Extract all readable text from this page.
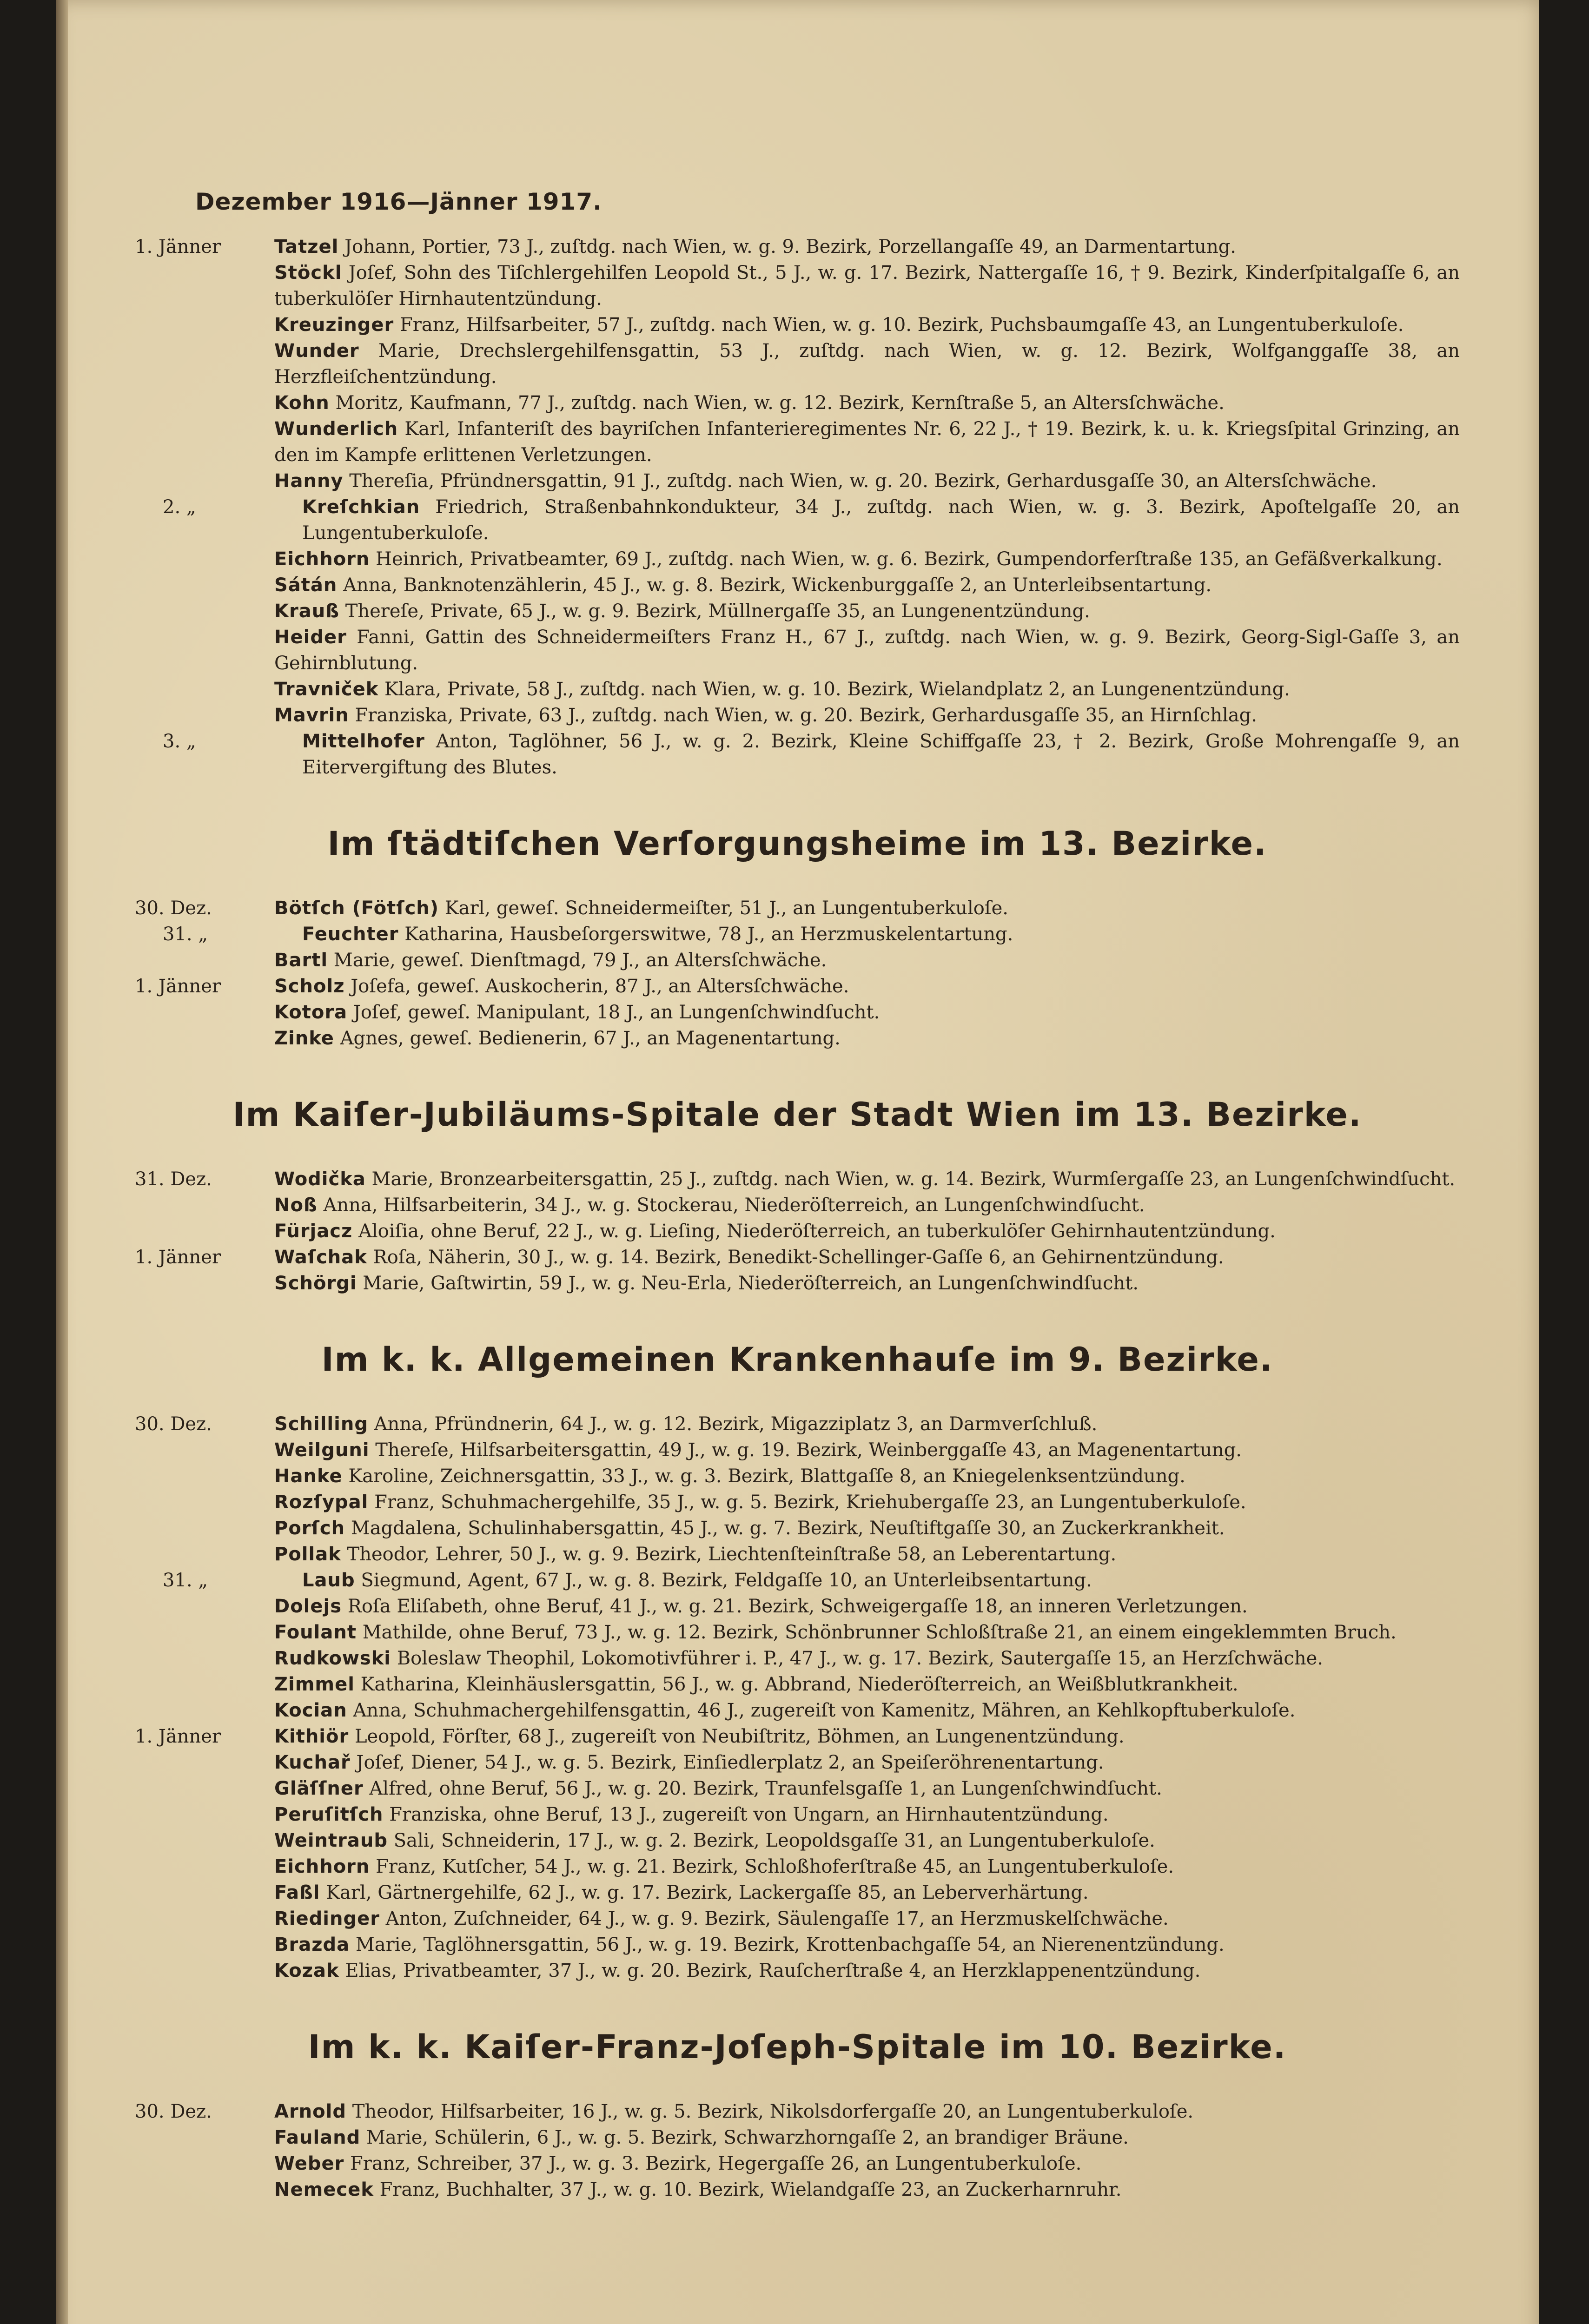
Dezember 1916—Jänner 1917.
1. Jänner	Tatzel Johann, Portier, 73 J., zuſtdg. nach Wien, w. g. 9. Bezirk, Porzellangaſſe 49, an Darmentartung.
Stöckl Joſef, Sohn des Tiſchlergehilfen Leopold St., 5 J., w. g. 17. Bezirk, Nattergaſſe 16, † 9. Bezirk, Kinderſpitalgaſſe 6, an tuberkulöſer Hirnhautentzündung.
Kreuzinger Franz, Hilfsarbeiter, 57 J., zuſtdg. nach Wien, w. g. 10. Bezirk, Puchsbaumgaſſe 43, an Lungentuberkuloſe.
Wunder Marie, Drechslergehilfensgattin, 53 J., zuſtdg. nach Wien, w. g. 12. Bezirk, Wolfganggaſſe 38, an Herzfleiſchentzündung.
Kohn Moritz, Kaufmann, 77 J., zuſtdg. nach Wien, w. g. 12. Bezirk, Kernſtraße 5, an Altersſchwäche.
Wunderlich Karl, Infanteriſt des bayriſchen Infanterieregimentes Nr. 6, 22 J., † 19. Bezirk, k. u. k. Kriegsſpital Grinzing, an den im Kampfe erlittenen Verletzungen.
Hanny Thereſia, Pfründnersgattin, 91 J., zuſtdg. nach Wien, w. g. 20. Bezirk, Gerhardusgaſſe 30, an Altersſchwäche.
2. „	Kreſchkian Friedrich, Straßenbahnkondukteur, 34 J., zuſtdg. nach Wien, w. g. 3. Bezirk, Apoſtelgaſſe 20, an Lungentuberkuloſe.
Eichhorn Heinrich, Privatbeamter, 69 J., zuſtdg. nach Wien, w. g. 6. Bezirk, Gumpendorferſtraße 135, an Gefäßverkalkung.
Sátán Anna, Banknotenzählerin, 45 J., w. g. 8. Bezirk, Wickenburggaſſe 2, an Unterleibsentartung.
Krauß Thereſe, Private, 65 J., w. g. 9. Bezirk, Müllnergaſſe 35, an Lungenentzündung.
Heider Fanni, Gattin des Schneidermeiſters Franz H., 67 J., zuſtdg. nach Wien, w. g. 9. Bezirk, Georg-Sigl-Gaſſe 3, an Gehirnblutung.
Travniček Klara, Private, 58 J., zuſtdg. nach Wien, w. g. 10. Bezirk, Wielandplatz 2, an Lungenentzündung.
Mavrin Franziska, Private, 63 J., zuſtdg. nach Wien, w. g. 20. Bezirk, Gerhardusgaſſe 35, an Hirnſchlag.
3. „	Mittelhofer Anton, Taglöhner, 56 J., w. g. 2. Bezirk, Kleine Schiffgaſſe 23, † 2. Bezirk, Große Mohrengaſſe 9, an Eitervergiftung des Blutes.
Im ſtädtiſchen Verſorgungsheime im 13. Bezirke.
30. Dez.	Bötſch (Fötſch) Karl, geweſ. Schneidermeiſter, 51 J., an Lungentuberkuloſe.
31. „	Feuchter Katharina, Hausbeſorgerswitwe, 78 J., an Herzmuskelentartung.
Bartl Marie, geweſ. Dienſtmagd, 79 J., an Altersſchwäche.
1. Jänner	Scholz Joſefa, geweſ. Auskocherin, 87 J., an Altersſchwäche.
Kotora Joſef, geweſ. Manipulant, 18 J., an Lungenſchwindſucht.
Zinke Agnes, geweſ. Bedienerin, 67 J., an Magenentartung.
Im Kaiſer-Jubiläums-Spitale der Stadt Wien im 13. Bezirke.
31. Dez.	Wodička Marie, Bronzearbeitersgattin, 25 J., zuſtdg. nach Wien, w. g. 14. Bezirk, Wurmſergaſſe 23, an Lungenſchwindſucht.
Noß Anna, Hilfsarbeiterin, 34 J., w. g. Stockerau, Niederöſterreich, an Lungenſchwindſucht.
Fürjacz Aloiſia, ohne Beruf, 22 J., w. g. Lieſing, Niederöſterreich, an tuberkulöſer Gehirnhautentzündung.
1. Jänner	Waſchak Roſa, Näherin, 30 J., w. g. 14. Bezirk, Benedikt-Schellinger-Gaſſe 6, an Gehirnentzündung.
Schörgi Marie, Gaſtwirtin, 59 J., w. g. Neu-Erla, Niederöſterreich, an Lungenſchwindſucht.
Im k. k. Allgemeinen Krankenhauſe im 9. Bezirke.
30. Dez.	Schilling Anna, Pfründnerin, 64 J., w. g. 12. Bezirk, Migazziplatz 3, an Darmverſchluß.
Weilguni Thereſe, Hilfsarbeitersgattin, 49 J., w. g. 19. Bezirk, Weinberggaſſe 43, an Magenentartung.
Hanke Karoline, Zeichnersgattin, 33 J., w. g. 3. Bezirk, Blattgaſſe 8, an Kniegelenksentzündung.
Rozſypal Franz, Schuhmachergehilfe, 35 J., w. g. 5. Bezirk, Kriehubergaſſe 23, an Lungentuberkuloſe.
Porſch Magdalena, Schulinhabersgattin, 45 J., w. g. 7. Bezirk, Neuſtiftgaſſe 30, an Zuckerkrankheit.
Pollak Theodor, Lehrer, 50 J., w. g. 9. Bezirk, Liechtenſteinſtraße 58, an Leberentartung.
31. „	Laub Siegmund, Agent, 67 J., w. g. 8. Bezirk, Feldgaſſe 10, an Unterleibsentartung.
Dolejs Roſa Eliſabeth, ohne Beruf, 41 J., w. g. 21. Bezirk, Schweigergaſſe 18, an inneren Verletzungen.
Foulant Mathilde, ohne Beruf, 73 J., w. g. 12. Bezirk, Schönbrunner Schloßſtraße 21, an einem eingeklemmten Bruch.
Rudkowski Boleslaw Theophil, Lokomotivführer i. P., 47 J., w. g. 17. Bezirk, Sautergaſſe 15, an Herzſchwäche.
Zimmel Katharina, Kleinhäuslersgattin, 56 J., w. g. Abbrand, Niederöſterreich, an Weißblutkrankheit.
Kocian Anna, Schuhmachergehilfensgattin, 46 J., zugereiſt von Kamenitz, Mähren, an Kehlkopftuberkuloſe.
1. Jänner	Kithiör Leopold, Förſter, 68 J., zugereiſt von Neubiſtritz, Böhmen, an Lungenentzündung.
Kuchař Joſef, Diener, 54 J., w. g. 5. Bezirk, Einſiedlerplatz 2, an Speiſeröhrenentartung.
Gläſſner Alfred, ohne Beruf, 56 J., w. g. 20. Bezirk, Traunfelsgaſſe 1, an Lungenſchwindſucht.
Peruſitſch Franziska, ohne Beruf, 13 J., zugereiſt von Ungarn, an Hirnhautentzündung.
Weintraub Sali, Schneiderin, 17 J., w. g. 2. Bezirk, Leopoldsgaſſe 31, an Lungentuberkuloſe.
Eichhorn Franz, Kutſcher, 54 J., w. g. 21. Bezirk, Schloßhoferſtraße 45, an Lungentuberkuloſe.
Faßl Karl, Gärtnergehilfe, 62 J., w. g. 17. Bezirk, Lackergaſſe 85, an Leberverhärtung.
Riedinger Anton, Zuſchneider, 64 J., w. g. 9. Bezirk, Säulengaſſe 17, an Herzmuskelſchwäche.
Brazda Marie, Taglöhnersgattin, 56 J., w. g. 19. Bezirk, Krottenbachgaſſe 54, an Nierenentzündung.
Kozak Elias, Privatbeamter, 37 J., w. g. 20. Bezirk, Rauſcherſtraße 4, an Herzklappenentzündung.
Im k. k. Kaiſer-Franz-Joſeph-Spitale im 10. Bezirke.
30. Dez.	Arnold Theodor, Hilfsarbeiter, 16 J., w. g. 5. Bezirk, Nikolsdorfergaſſe 20, an Lungentuberkuloſe.
Fauland Marie, Schülerin, 6 J., w. g. 5. Bezirk, Schwarzhorngaſſe 2, an brandiger Bräune.
Weber Franz, Schreiber, 37 J., w. g. 3. Bezirk, Hegergaſſe 26, an Lungentuberkuloſe.
Nemecek Franz, Buchhalter, 37 J., w. g. 10. Bezirk, Wielandgaſſe 23, an Zuckerharnruhr.
